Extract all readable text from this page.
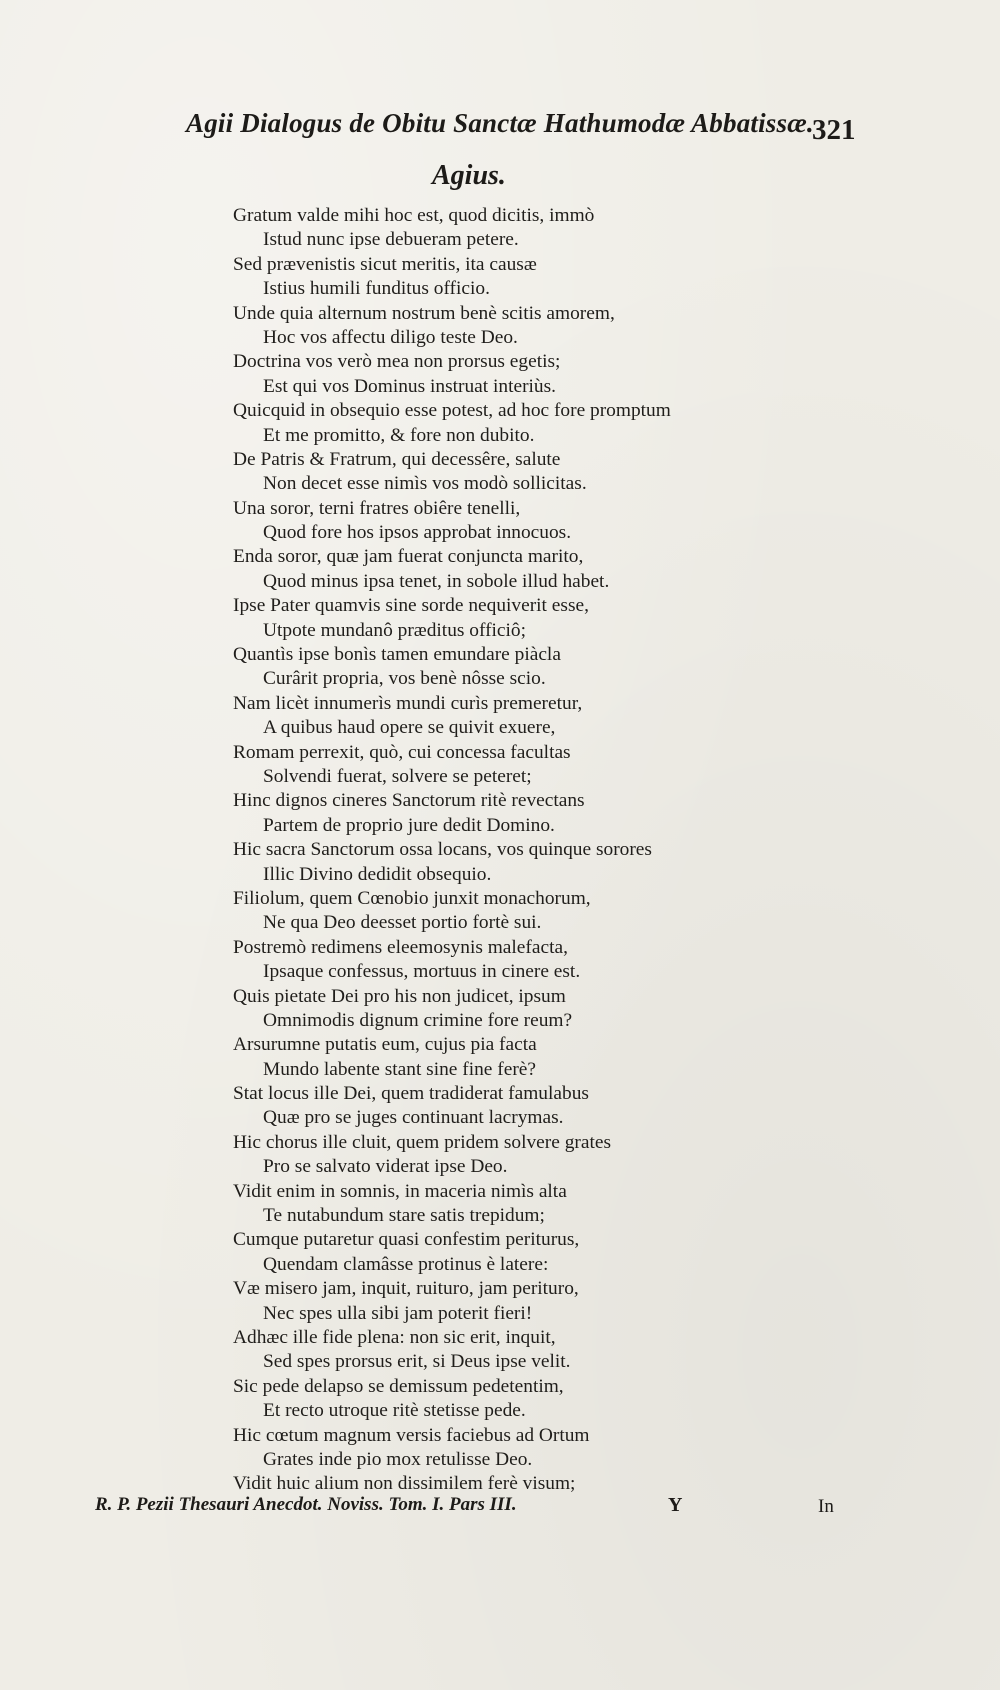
Agii Dialogus de Obitu Sanctæ Hathumodæ Abbatissæ.
321
Agius.
Gratum valde mihi hoc est, quod dicitis, immò
Istud nunc ipse debueram petere.
Sed prævenistis sicut meritis, ita causæ
Istius humili funditus officio.
Unde quia alternum nostrum benè scitis amorem,
Hoc vos affectu diligo teste Deo.
Doctrina vos verò mea non prorsus egetis;
Est qui vos Dominus instruat interiùs.
Quicquid in obsequio esse potest, ad hoc fore promptum
Et me promitto, & fore non dubito.
De Patris & Fratrum, qui decessêre, salute
Non decet esse nimìs vos modò sollicitas.
Una soror, terni fratres obiêre tenelli,
Quod fore hos ipsos approbat innocuos.
Enda soror, quæ jam fuerat conjuncta marito,
Quod minus ipsa tenet, in sobole illud habet.
Ipse Pater quamvis sine sorde nequiverit esse,
Utpote mundanô præditus officiô;
Quantìs ipse bonìs tamen emundare piàcla
Curârit propria, vos benè nôsse scio.
Nam licèt innumerìs mundi curìs premeretur,
A quibus haud opere se quivit exuere,
Romam perrexit, quò, cui concessa facultas
Solvendi fuerat, solvere se peteret;
Hinc dignos cineres Sanctorum ritè revectans
Partem de proprio jure dedit Domino.
Hic sacra Sanctorum ossa locans, vos quinque sorores
Illic Divino dedidit obsequio.
Filiolum, quem Cœnobio junxit monachorum,
Ne qua Deo deesset portio fortè sui.
Postremò redimens eleemosynis malefacta,
Ipsaque confessus, mortuus in cinere est.
Quis pietate Dei pro his non judicet, ipsum
Omnimodis dignum crimine fore reum?
Arsurumne putatis eum, cujus pia facta
Mundo labente stant sine fine ferè?
Stat locus ille Dei, quem tradiderat famulabus
Quæ pro se juges continuant lacrymas.
Hic chorus ille cluit, quem pridem solvere grates
Pro se salvato viderat ipse Deo.
Vidit enim in somnis, in maceria nimìs alta
Te nutabundum stare satis trepidum;
Cumque putaretur quasi confestim periturus,
Quendam clamâsse protinus è latere:
Væ misero jam, inquit, ruituro, jam perituro,
Nec spes ulla sibi jam poterit fieri!
Adhæc ille fide plena: non sic erit, inquit,
Sed spes prorsus erit, si Deus ipse velit.
Sic pede delapso se demissum pedetentim,
Et recto utroque ritè stetisse pede.
Hic cœtum magnum versis faciebus ad Ortum
Grates inde pio mox retulisse Deo.
Vidit huic alium non dissimilem ferè visum;
R. P. Pezii Thesauri Anecdot. Noviss. Tom. I. Pars III.	Y	In
